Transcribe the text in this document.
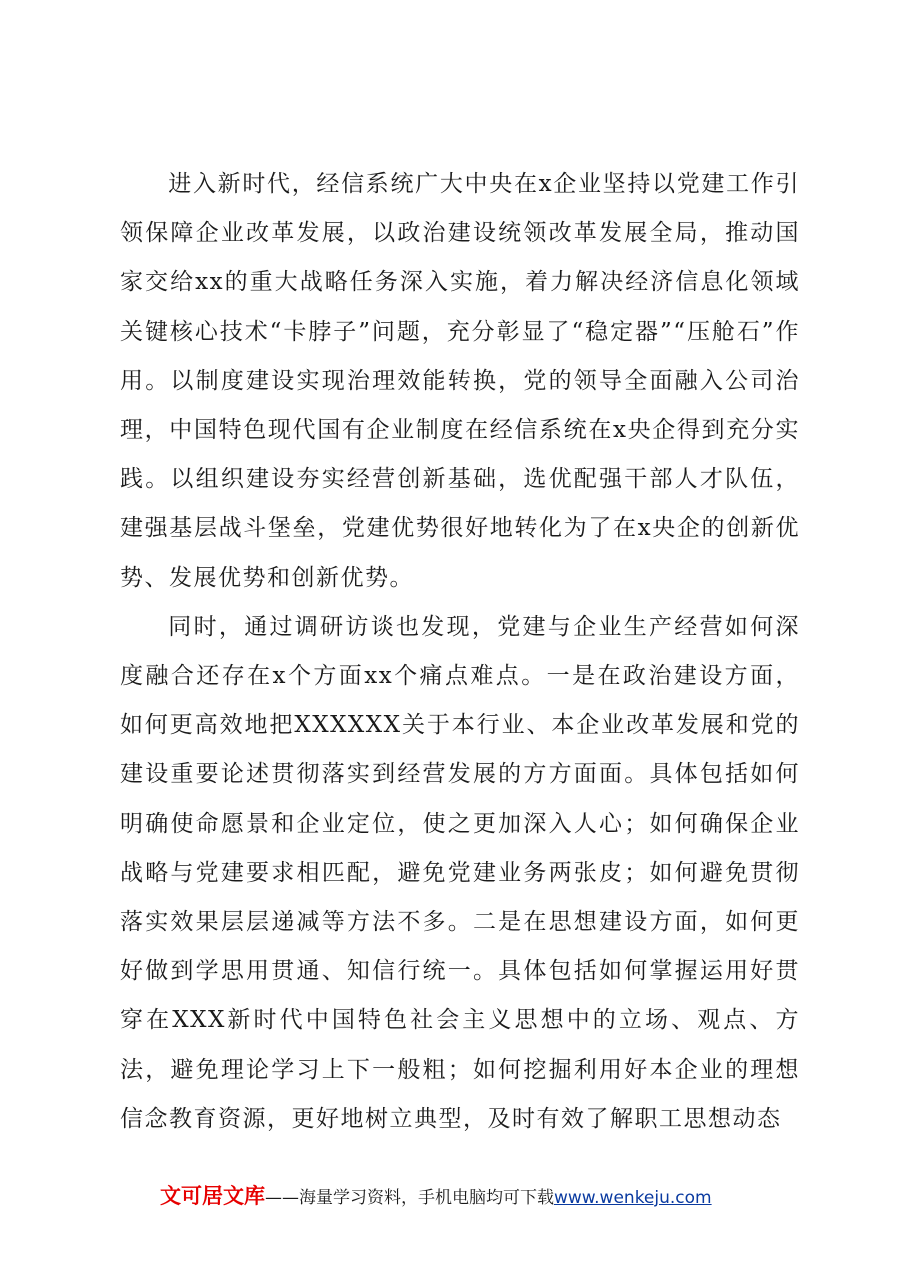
进入新时代，经信系统广大中央在x企业坚持以党建工作引领保障企业改革发展，以政治建设统领改革发展全局，推动国家交给xx的重大战略任务深入实施，着力解决经济信息化领域关键核心技术“卡脖子”问题，充分彰显了“稳定器”“压舱石”作用。以制度建设实现治理效能转换，党的领导全面融入公司治理，中国特色现代国有企业制度在经信系统在x央企得到充分实践。以组织建设夯实经营创新基础，选优配强干部人才队伍，建强基层战斗堡垒，党建优势很好地转化为了在x央企的创新优势、发展优势和创新优势。

同时，通过调研访谈也发现，党建与企业生产经营如何深度融合还存在x个方面xx个痛点难点。一是在政治建设方面，如何更高效地把XXXXXX关于本行业、本企业改革发展和党的建设重要论述贯彻落实到经营发展的方方面面。具体包括如何明确使命愿景和企业定位，使之更加深入人心；如何确保企业战略与党建要求相匹配，避免党建业务两张皮；如何避免贯彻落实效果层层递减等方法不多。二是在思想建设方面，如何更好做到学思用贯通、知信行统一。具体包括如何掌握运用好贯穿在XXX新时代中国特色社会主义思想中的立场、观点、方法，避免理论学习上下一般粗；如何挖掘利用好本企业的理想信念教育资源，更好地树立典型，及时有效了解职工思想动态

文可居文库——海量学习资料，手机电脑均可下载www.wenkeju.com
